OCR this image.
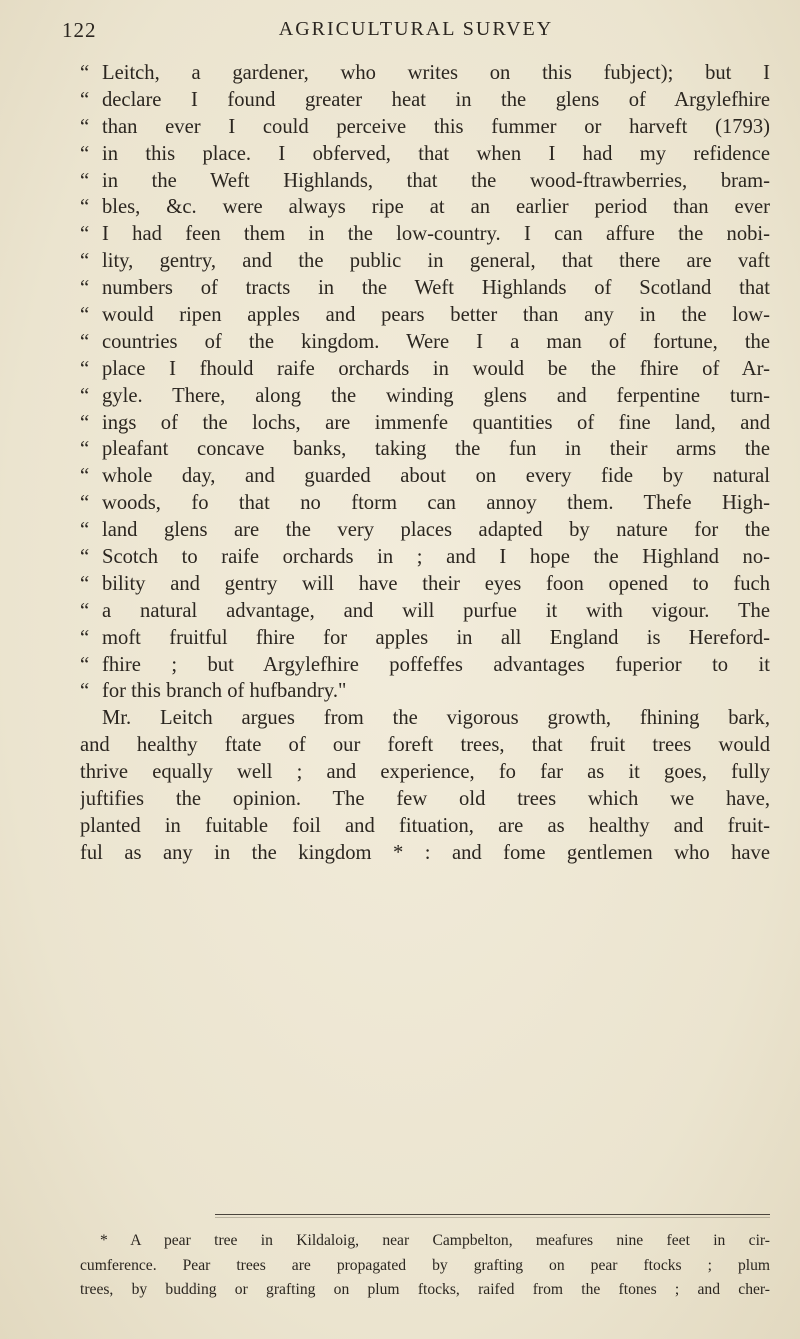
122	AGRICULTURAL SURVEY
“ Leitch, a gardener, who writes on this fubject); but I
“ declare I found greater heat in the glens of Argylefhire
“ than ever I could perceive this fummer or harveft (1793)
“ in this place. I obferved, that when I had my refidence
“ in the Weft Highlands, that the wood-ftrawberries, bram-
“ bles, &c. were always ripe at an earlier period than ever
“ I had feen them in the low-country. I can affure the nobi-
“ lity, gentry, and the public in general, that there are vaft
“ numbers of tracts in the Weft Highlands of Scotland that
“ would ripen apples and pears better than any in the low-
“ countries of the kingdom. Were I a man of fortune, the
“ place I fhould raife orchards in would be the fhire of Ar-
“ gyle. There, along the winding glens and ferpentine turn-
“ ings of the lochs, are immenfe quantities of fine land, and
“ pleafant concave banks, taking the fun in their arms the
“ whole day, and guarded about on every fide by natural
“ woods, fo that no ftorm can annoy them. Thefe High-
“ land glens are the very places adapted by nature for the
“ Scotch to raife orchards in ; and I hope the Highland no-
“ bility and gentry will have their eyes foon opened to fuch
“ a natural advantage, and will purfue it with vigour. The
“ moft fruitful fhire for apples in all England is Hereford-
“ fhire ; but Argylefhire poffeffes advantages fuperior to it
“ for this branch of hufbandry."
Mr. Leitch argues from the vigorous growth, fhining bark,
and healthy ftate of our foreft trees, that fruit trees would
thrive equally well ; and experience, fo far as it goes, fully
juftifies the opinion. The few old trees which we have,
planted in fuitable foil and fituation, are as healthy and fruit-
ful as any in the kingdom * : and fome gentlemen who have
* A pear tree in Kildaloig, near Campbelton, meafures nine feet in cir-
cumference. Pear trees are propagated by grafting on pear ftocks ; plum
trees, by budding or grafting on plum ftocks, raifed from the ftones ; and cher-
